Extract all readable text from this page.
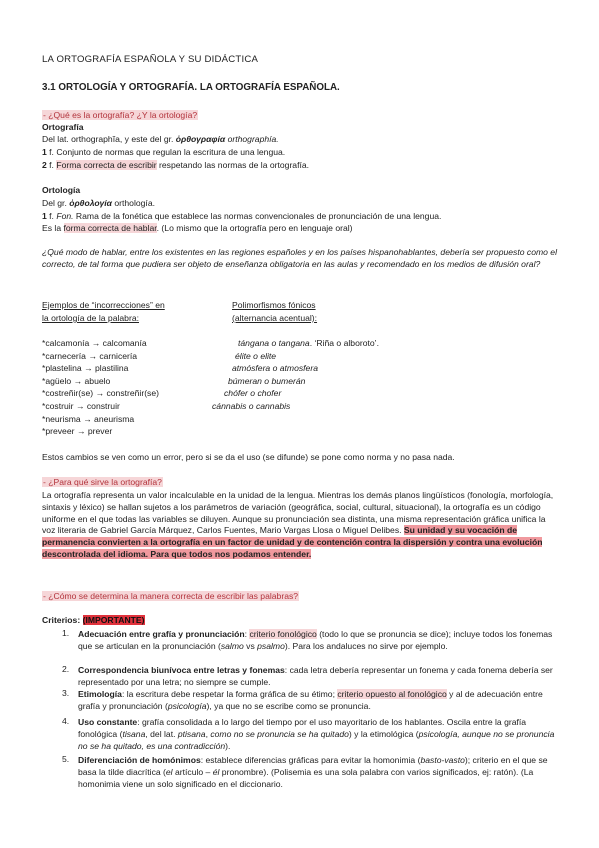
LA ORTOGRAFÍA ESPAÑOLA Y SU DIDÁCTICA
3.1 ORTOLOGÍA Y ORTOGRAFÍA. LA ORTOGRAFÍA ESPAÑOLA.
- ¿Qué es la ortografía? ¿Y la ortología?
Ortografía
Del lat. orthographĭa, y este del gr. ὀρθογραφία orthographía.
1 f. Conjunto de normas que regulan la escritura de una lengua.
2 f. Forma correcta de escribir respetando las normas de la ortografía.
Ortología
Del gr. ὀρθολογία orthología.
1 f. Fon. Rama de la fonética que establece las normas convencionales de pronunciación de una lengua.
Es la forma correcta de hablar. (Lo mismo que la ortografía pero en lenguaje oral)
¿Qué modo de hablar, entre los existentes en las regiones españoles y en los países hispanohablantes, debería ser propuesto como el correcto, de tal forma que pudiera ser objeto de enseñanza obligatoria en las aulas y recomendado en los medios de difusión oral?
Ejemplos de “incorrecciones” en
la ortología de la palabra:
Polimorfismos fónicos
(alternancia acentual):
*calcamonía → calcomanía
*carnecería → carnicería
*plastelina → plastilina
*agüelo → abuelo
*costreñir(se) → constreñir(se)
*costruir → construir
*neurisma → aneurisma
*preveer → prever
tángana o tangana. ‘Riña o alboroto’.
élite o elite
atmósfera o atmosfera
búmeran o bumerán
chófer o chofer
cánnabis o cannabis
Estos cambios se ven como un error, pero si se da el uso (se difunde) se pone como norma y no pasa nada.
- ¿Para qué sirve la ortografía?
La ortografía representa un valor incalculable en la unidad de la lengua. Mientras los demás planos lingüísticos (fonología, morfología, sintaxis y léxico) se hallan sujetos a los parámetros de variación (geográfica, social, cultural, situacional), la ortografía es un código uniforme en el que todas las variables se diluyen. Aunque su pronunciación sea distinta, una misma representación gráfica unifica la voz literaria de Gabriel García Márquez, Carlos Fuentes, Mario Vargas Llosa o Miguel Delibes. Su unidad y su vocación de permanencia convierten a la ortografía en un factor de unidad y de contención contra la dispersión y contra una evolución descontrolada del idioma. Para que todos nos podamos entender.
- ¿Cómo se determina la manera correcta de escribir las palabras?
Criterios: (IMPORTANTE)
1. Adecuación entre grafía y pronunciación: criterio fonológico (todo lo que se pronuncia se dice); incluye todos los fonemas que se articulan en la pronunciación (salmo vs psalmo). Para los andaluces no sirve por ejemplo.
2. Correspondencia biunívoca entre letras y fonemas: cada letra debería representar un fonema y cada fonema debería ser representado por una letra; no siempre se cumple.
3. Etimología: la escritura debe respetar la forma gráfica de su étimo; criterio opuesto al fonológico y al de adecuación entre grafía y pronunciación (psicología), ya que no se escribe como se pronuncia.
4. Uso constante: grafía consolidada a lo largo del tiempo por el uso mayoritario de los hablantes. Oscila entre la grafía fonológica (tisana, del lat. ptisana, como no se pronuncia se ha quitado) y la etimológica (psicología, aunque no se pronuncia no se ha quitado, es una contradicción).
5. Diferenciación de homónimos: establece diferencias gráficas para evitar la homonimia (basto-vasto); criterio en el que se basa la tilde diacrítica (el artículo – él pronombre). (Polisemia es una sola palabra con varios significados, ej: ratón). (La homonimia viene un solo significado en el diccionario.
